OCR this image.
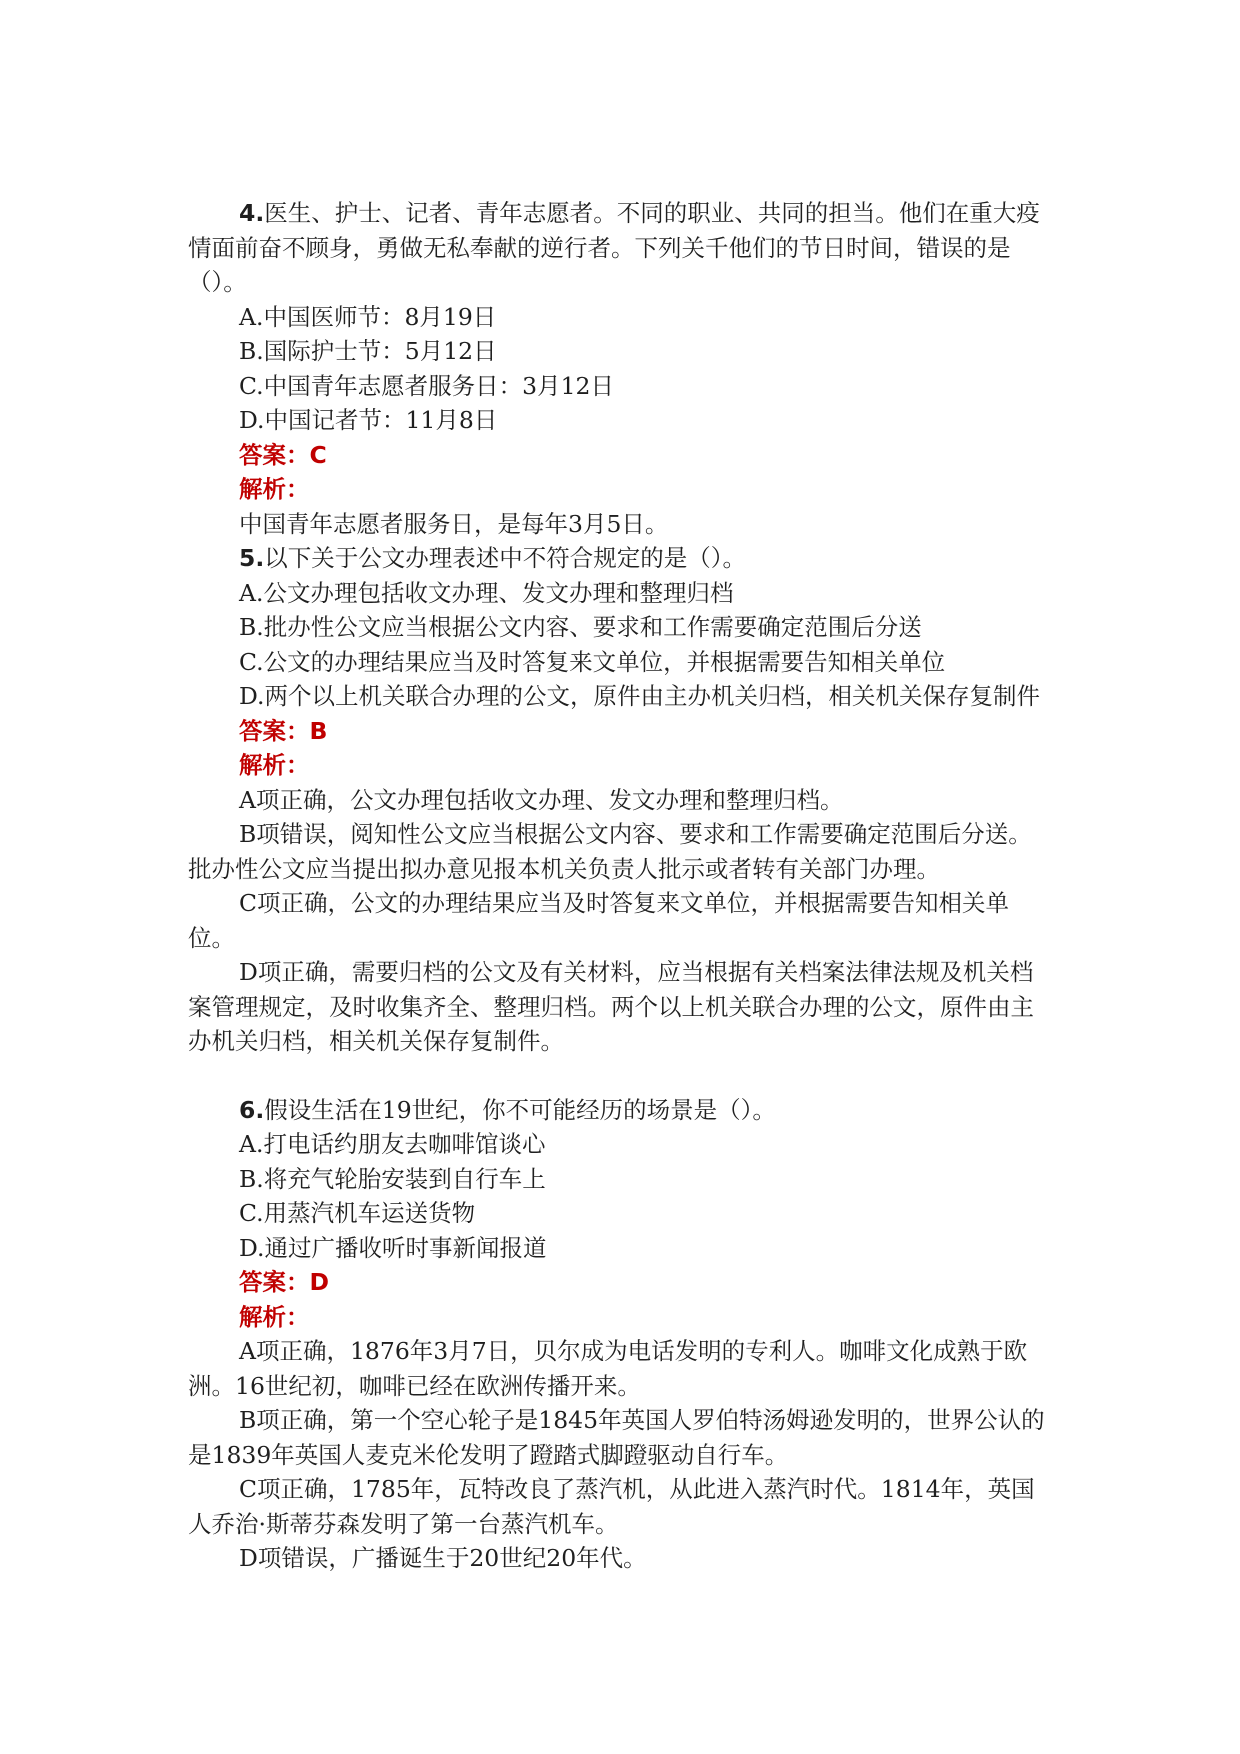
4.医生、护士、记者、青年志愿者。不同的职业、共同的担当。他们在重大疫情面前奋不顾身，勇做无私奉献的逆行者。下列关千他们的节日时间，错误的是（）。

A.中国医师节：8月19日

B.国际护士节：5月12日

C.中国青年志愿者服务日：3月12日

D.中国记者节：11月8日

答案：C

解析：

中国青年志愿者服务日，是每年3月5日。

5.以下关于公文办理表述中不符合规定的是（）。

A.公文办理包括收文办理、发文办理和整理归档

B.批办性公文应当根据公文内容、要求和工作需要确定范围后分送

C.公文的办理结果应当及时答复来文单位，并根据需要告知相关单位

D.两个以上机关联合办理的公文，原件由主办机关归档，相关机关保存复制件

答案：B

解析：

A项正确，公文办理包括收文办理、发文办理和整理归档。

B项错误，阅知性公文应当根据公文内容、要求和工作需要确定范围后分送。批办性公文应当提出拟办意见报本机关负责人批示或者转有关部门办理。

C项正确，公文的办理结果应当及时答复来文单位，并根据需要告知相关单位。

D项正确，需要归档的公文及有关材料，应当根据有关档案法律法规及机关档案管理规定，及时收集齐全、整理归档。两个以上机关联合办理的公文，原件由主办机关归档，相关机关保存复制件。

6.假设生活在19世纪，你不可能经历的场景是（）。

A.打电话约朋友去咖啡馆谈心

B.将充气轮胎安装到自行车上

C.用蒸汽机车运送货物

D.通过广播收听时事新闻报道

答案：D

解析：

A项正确，1876年3月7日，贝尔成为电话发明的专利人。咖啡文化成熟于欧洲。16世纪初，咖啡已经在欧洲传播开来。

B项正确，第一个空心轮子是1845年英国人罗伯特汤姆逊发明的，世界公认的是1839年英国人麦克米伦发明了蹬踏式脚蹬驱动自行车。

C项正确，1785年，瓦特改良了蒸汽机，从此进入蒸汽时代。1814年，英国人乔治·斯蒂芬森发明了第一台蒸汽机车。

D项错误，广播诞生于20世纪20年代。
